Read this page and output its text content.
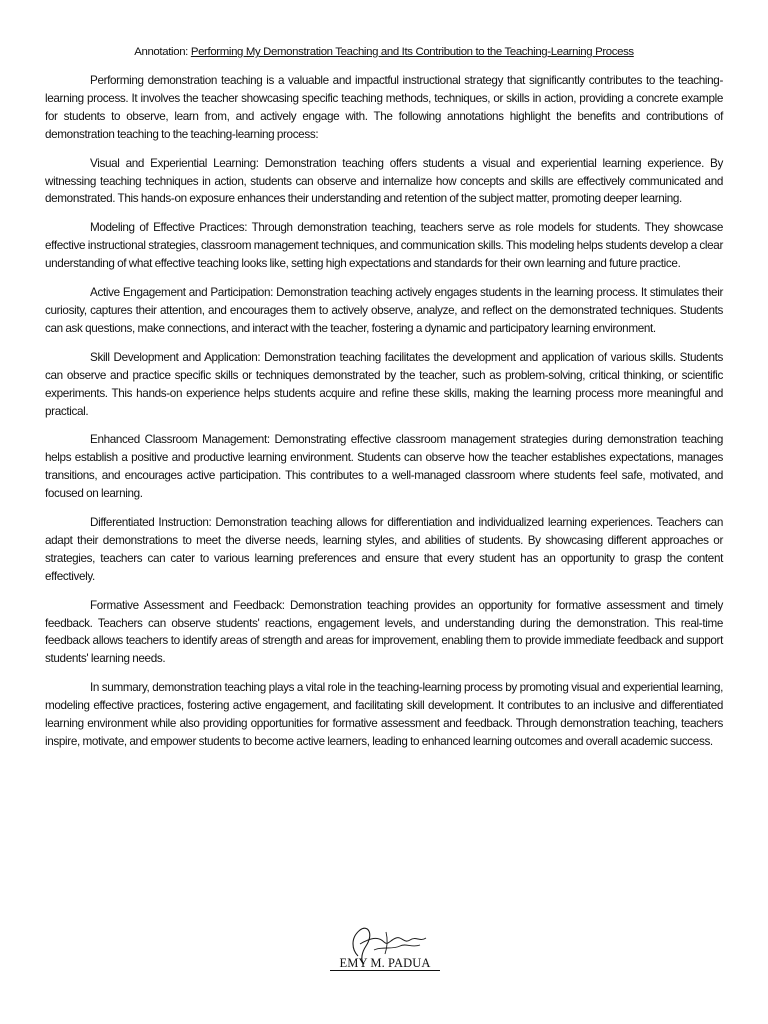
Annotation: Performing My Demonstration Teaching and Its Contribution to the Teaching-Learning Process

Performing demonstration teaching is a valuable and impactful instructional strategy that significantly contributes to the teaching-learning process. It involves the teacher showcasing specific teaching methods, techniques, or skills in action, providing a concrete example for students to observe, learn from, and actively engage with. The following annotations highlight the benefits and contributions of demonstration teaching to the teaching-learning process:

Visual and Experiential Learning: Demonstration teaching offers students a visual and experiential learning experience. By witnessing teaching techniques in action, students can observe and internalize how concepts and skills are effectively communicated and demonstrated. This hands-on exposure enhances their understanding and retention of the subject matter, promoting deeper learning.

Modeling of Effective Practices: Through demonstration teaching, teachers serve as role models for students. They showcase effective instructional strategies, classroom management techniques, and communication skills. This modeling helps students develop a clear understanding of what effective teaching looks like, setting high expectations and standards for their own learning and future practice.

Active Engagement and Participation: Demonstration teaching actively engages students in the learning process. It stimulates their curiosity, captures their attention, and encourages them to actively observe, analyze, and reflect on the demonstrated techniques. Students can ask questions, make connections, and interact with the teacher, fostering a dynamic and participatory learning environment.

Skill Development and Application: Demonstration teaching facilitates the development and application of various skills. Students can observe and practice specific skills or techniques demonstrated by the teacher, such as problem-solving, critical thinking, or scientific experiments. This hands-on experience helps students acquire and refine these skills, making the learning process more meaningful and practical.

Enhanced Classroom Management: Demonstrating effective classroom management strategies during demonstration teaching helps establish a positive and productive learning environment. Students can observe how the teacher establishes expectations, manages transitions, and encourages active participation. This contributes to a well-managed classroom where students feel safe, motivated, and focused on learning.

Differentiated Instruction: Demonstration teaching allows for differentiation and individualized learning experiences. Teachers can adapt their demonstrations to meet the diverse needs, learning styles, and abilities of students. By showcasing different approaches or strategies, teachers can cater to various learning preferences and ensure that every student has an opportunity to grasp the content effectively.

Formative Assessment and Feedback: Demonstration teaching provides an opportunity for formative assessment and timely feedback. Teachers can observe students' reactions, engagement levels, and understanding during the demonstration. This real-time feedback allows teachers to identify areas of strength and areas for improvement, enabling them to provide immediate feedback and support students' learning needs.

In summary, demonstration teaching plays a vital role in the teaching-learning process by promoting visual and experiential learning, modeling effective practices, fostering active engagement, and facilitating skill development. It contributes to an inclusive and differentiated learning environment while also providing opportunities for formative assessment and feedback. Through demonstration teaching, teachers inspire, motivate, and empower students to become active learners, leading to enhanced learning outcomes and overall academic success.

EMY M. PADUA
